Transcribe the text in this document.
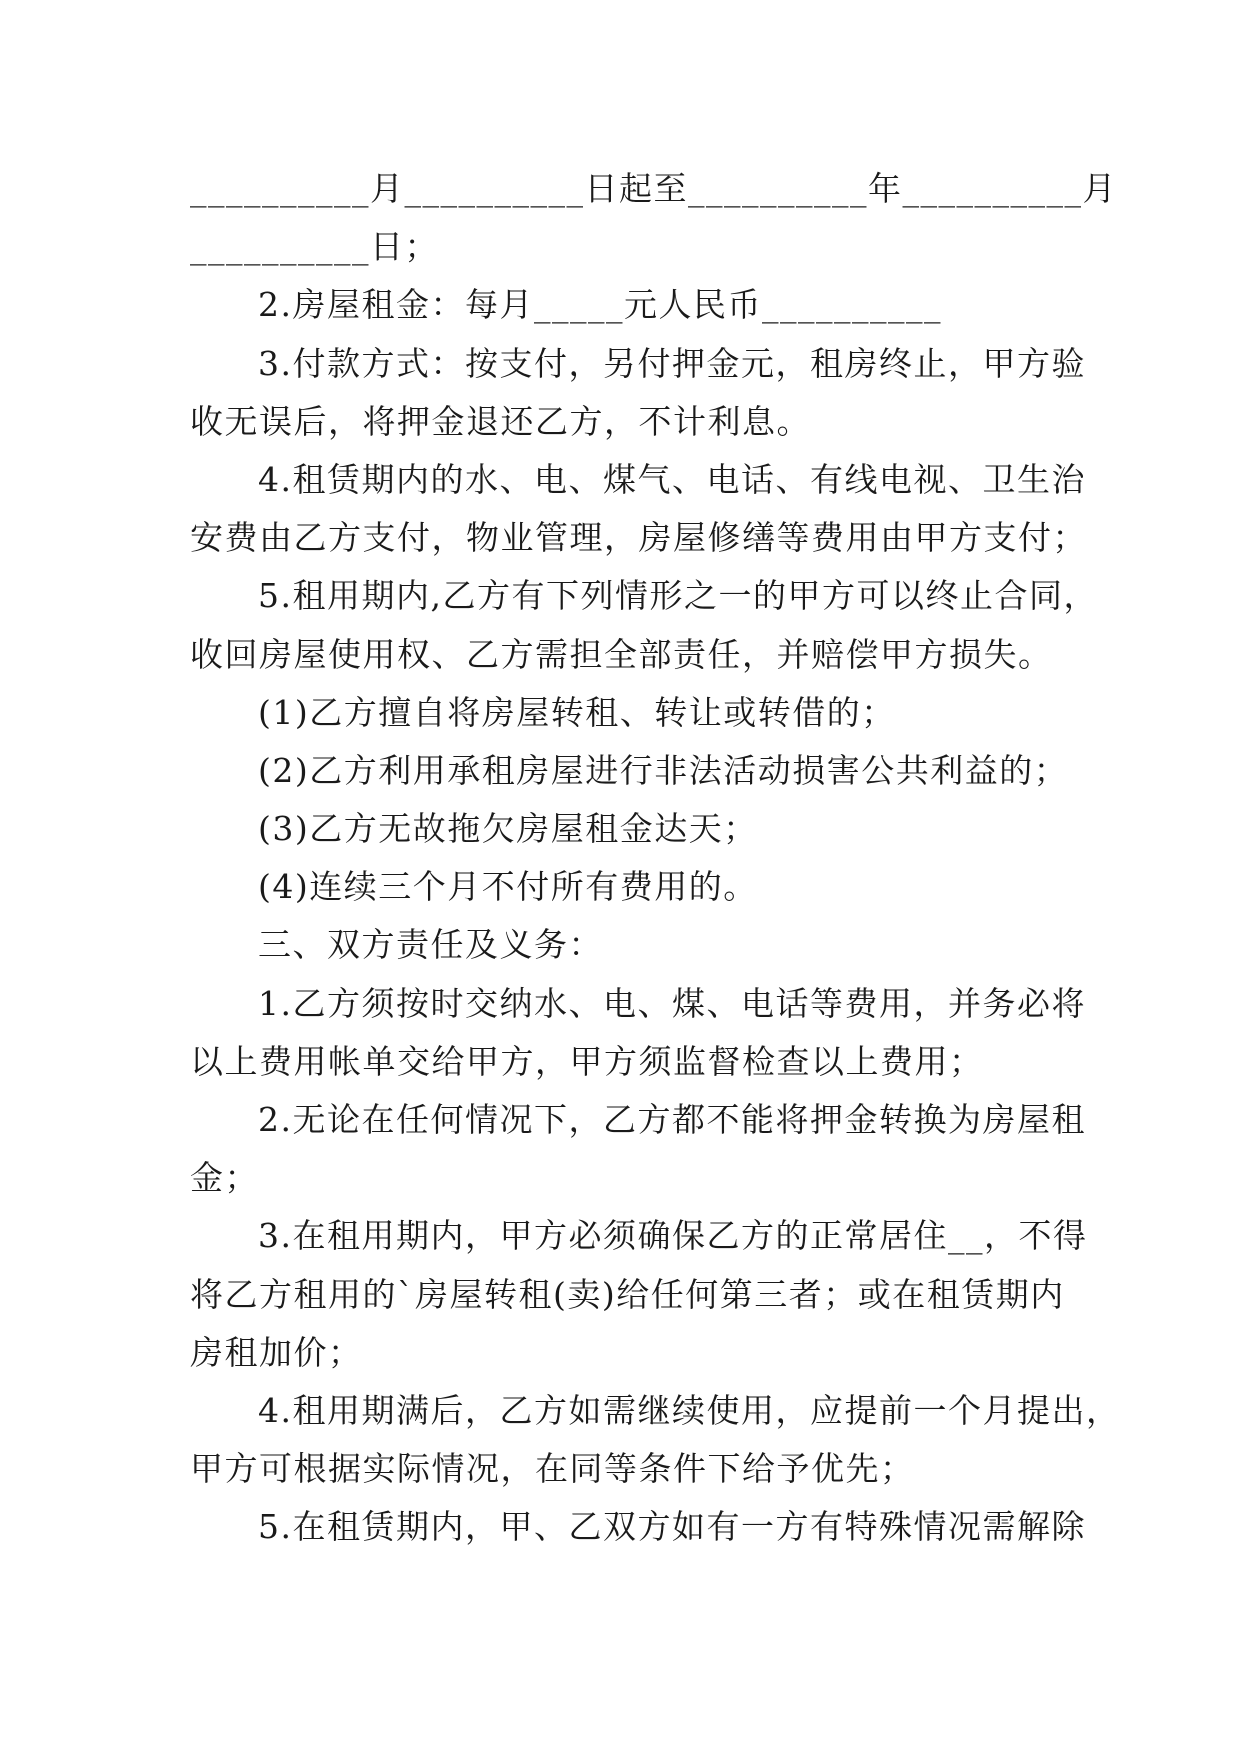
__________月__________日起至__________年__________月
__________日；
2.房屋租金：每月_____元人民币__________
3.付款方式：按支付，另付押金元，租房终止，甲方验
收无误后，将押金退还乙方，不计利息。
4.租赁期内的水、电、煤气、电话、有线电视、卫生治
安费由乙方支付，物业管理，房屋修缮等费用由甲方支付；
5.租用期内,乙方有下列情形之一的甲方可以终止合同，
收回房屋使用权、乙方需担全部责任，并赔偿甲方损失。
(1)乙方擅自将房屋转租、转让或转借的；
(2)乙方利用承租房屋进行非法活动损害公共利益的；
(3)乙方无故拖欠房屋租金达天；
(4)连续三个月不付所有费用的。
三、双方责任及义务：
1.乙方须按时交纳水、电、煤、电话等费用，并务必将
以上费用帐单交给甲方，甲方须监督检查以上费用；
2.无论在任何情况下，乙方都不能将押金转换为房屋租
金；
3.在租用期内，甲方必须确保乙方的正常居住__，不得
将乙方租用的`房屋转租(卖)给任何第三者；或在租赁期内
房租加价；
4.租用期满后，乙方如需继续使用，应提前一个月提出，
甲方可根据实际情况，在同等条件下给予优先；
5.在租赁期内，甲、乙双方如有一方有特殊情况需解除
